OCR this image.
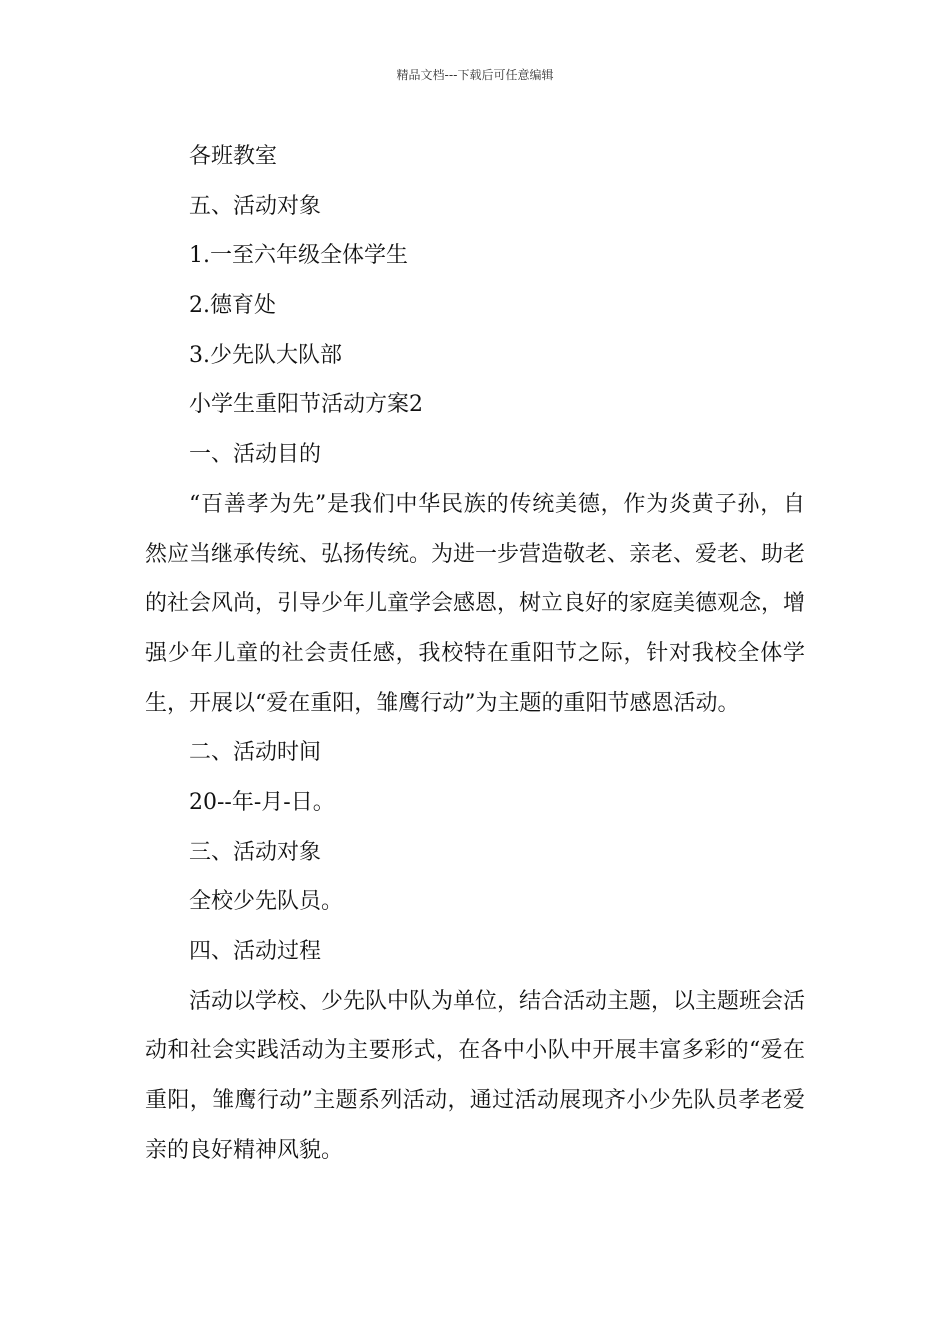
精品文档---下载后可任意编辑
各班教室
五、活动对象
1.一至六年级全体学生
2.德育处
3.少先队大队部
小学生重阳节活动方案2
一、活动目的

“百善孝为先”是我们中华民族的传统美德，作为炎黄子孙，自然应当继承传统、弘扬传统。为进一步营造敬老、亲老、爱老、助老的社会风尚，引导少年儿童学会感恩，树立良好的家庭美德观念，增强少年儿童的社会责任感，我校特在重阳节之际，针对我校全体学生，开展以“爱在重阳，雏鹰行动”为主题的重阳节感恩活动。

二、活动时间
20--年-月-日。
三、活动对象
全校少先队员。
四、活动过程

活动以学校、少先队中队为单位，结合活动主题，以主题班会活动和社会实践活动为主要形式，在各中小队中开展丰富多彩的“爱在重阳，雏鹰行动”主题系列活动，通过活动展现齐小少先队员孝老爱亲的良好精神风貌。
